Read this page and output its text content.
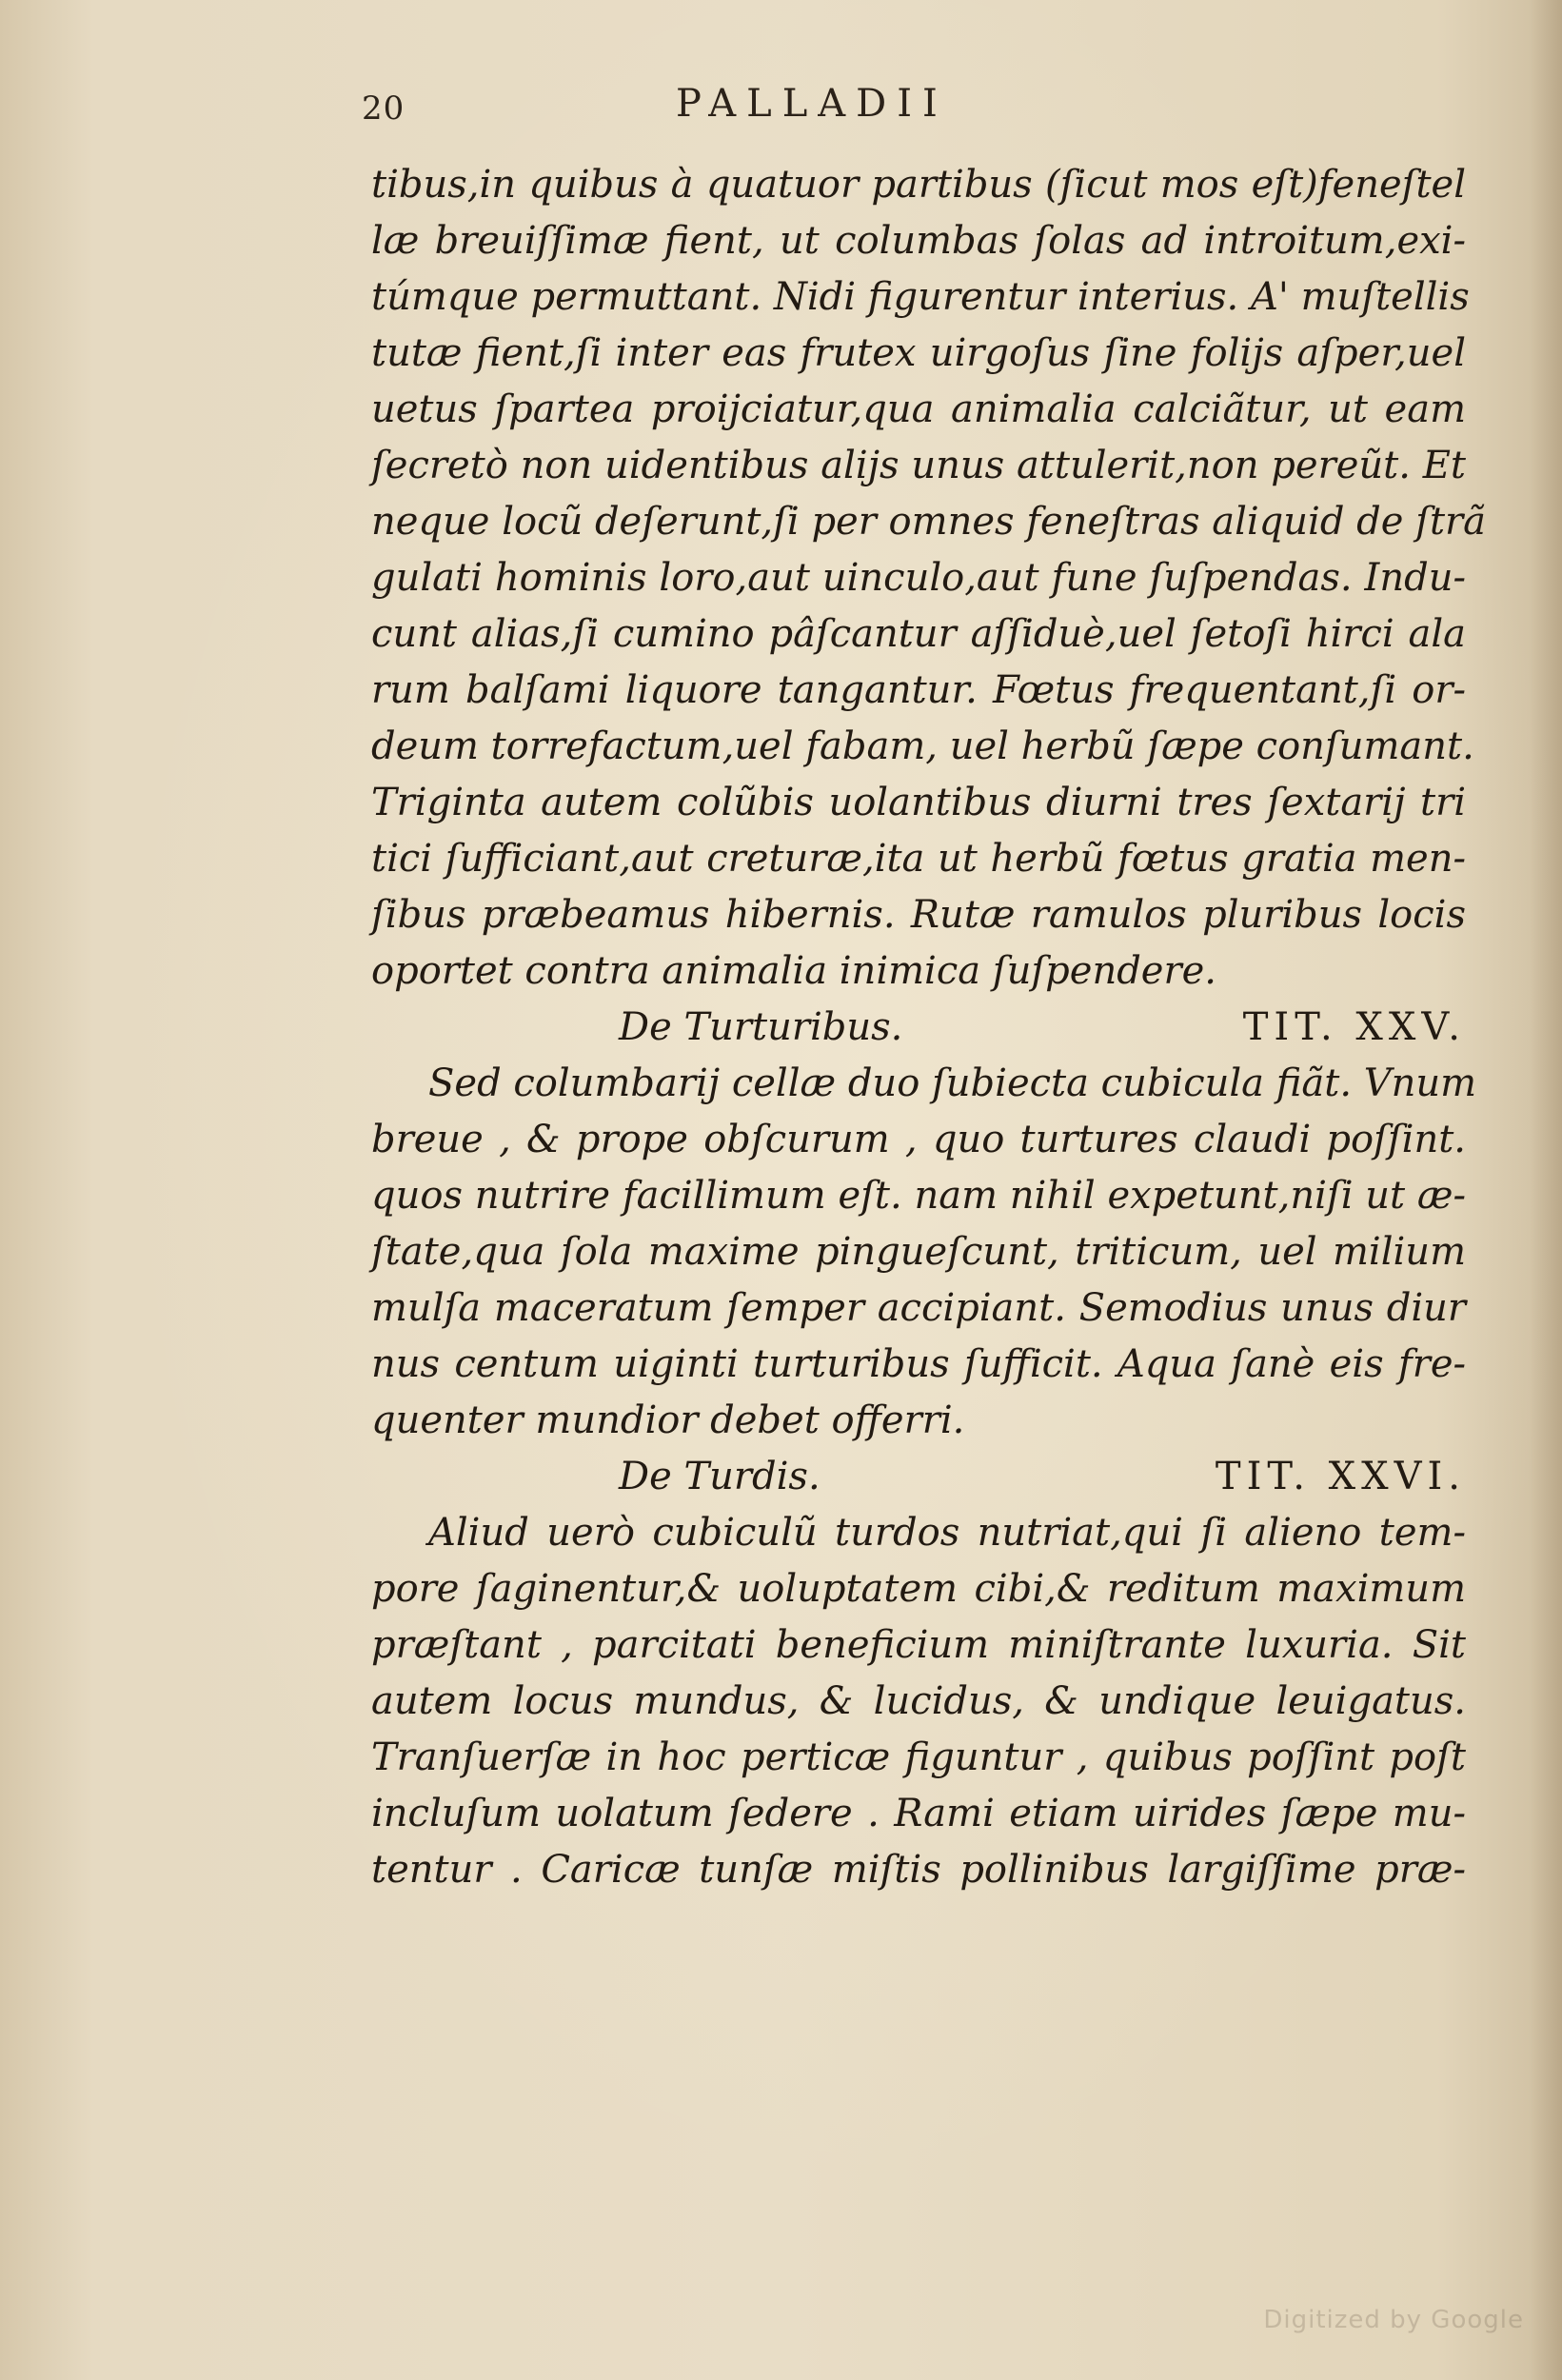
20	PALLADII
tibus,in quibus à quatuor partibus (ſicut mos eſt)feneſtel
læ breuiſſimæ fient, ut columbas ſolas ad introitum,exi-
túmque permuttant. Nidi figurentur interius. A' muſtellis
tutæ fient,ſi inter eas frutex uirgoſus ſine folijs aſper,uel
uetus ſpartea proijciatur,qua animalia calciãtur, ut eam
ſecretò non uidentibus alijs unus attulerit,non pereũt. Et
neque locũ deſerunt,ſi per omnes feneſtras aliquid de ſtrã
gulati hominis loro,aut uinculo,aut fune ſuſpendas. Indu-
cunt alias,ſi cumino pâſcantur aſſiduè,uel ſetoſi hirci ala
rum balſami liquore tangantur. Fœtus frequentant,ſi or-
deum torrefactum,uel fabam, uel herbũ ſæpe conſumant.
Triginta autem colũbis uolantibus diurni tres ſextarij tri
tici ſufficiant,aut creturæ,ita ut herbũ fœtus gratia men-
ſibus præbeamus hibernis. Rutæ ramulos pluribus locis
oportet contra animalia inimica ſuſpendere.
De Turturibus.	TIT. XXV.
Sed columbarij cellæ duo ſubiecta cubicula fiãt. Vnum
breue , & prope obſcurum , quo turtures claudi poſſint.
quos nutrire facillimum eſt. nam nihil expetunt,niſi ut æ-
ſtate,qua ſola maxime pingueſcunt, triticum, uel milium
mulſa maceratum ſemper accipiant. Semodius unus diur
nus centum uiginti turturibus ſufficit. Aqua ſanè eis fre-
quenter mundior debet offerri.
De Turdis.	TIT. XXVI.
Aliud uerò cubiculũ turdos nutriat,qui ſi alieno tem-
pore ſaginentur,& uoluptatem cibi,& reditum maximum
præſtant , parcitati beneficium miniſtrante luxuria. Sit
autem locus mundus, & lucidus, & undique leuigatus.
Tranſuerſæ in hoc perticæ figuntur , quibus poſſint poſt
incluſum uolatum ſedere . Rami etiam uirides ſæpe mu-
tentur . Caricæ tunſæ miſtis pollinibus largiſſime præ-
Digitized by Google
